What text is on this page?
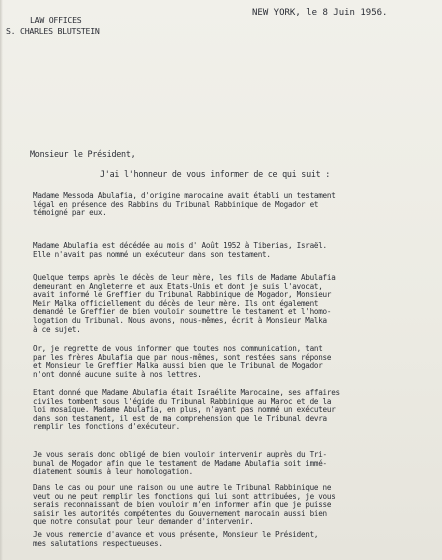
LAW OFFICES
S. CHARLES BLUTSTEIN
NEW YORK, le 8 Juin 1956.
Monsieur le Président,
J'ai l'honneur de vous informer de ce qui suit :
Madame Messoda Abulafia, d'origine marocaine avait établi un testament
légal en présence des Rabbins du Tribunal Rabbinique de Mogador et
témoigné par eux.
Madame Abulafia est décédée au mois d' Août 1952 à Tiberias, Israël.
Elle n'avait pas nommé un exécuteur dans son testament.
Quelque temps après le décès de leur mère, les fils de Madame Abulafia
demeurant en Angleterre et aux Etats-Unis et dont je suis l'avocat,
avait informé le Greffier du Tribunal Rabbinique de Mogador, Monsieur
Meir Malka officiellement du décès de leur mère. Ils ont également
demandé le Greffier de bien vouloir soumettre le testament et l'homo-
logation du Tribunal. Nous avons, nous-mêmes, écrit à Monsieur Malka
à ce sujet.
Or, je regrette de vous informer que toutes nos communication, tant
par les frères Abulafia que par nous-mêmes, sont restées sans réponse
et Monsieur le Greffier Malka aussi bien que le Tribunal de Mogador
n'ont donné aucune suite à nos lettres.
Etant donné que Madame Abulafia était Israélite Marocaine, ses affaires
civiles tombent sous l'égide du Tribunal Rabbinique au Maroc et de la
loi mosaïque. Madame Abulafia, en plus, n'ayant pas nommé un exécuteur
dans son testament, il est de ma comprehension que le Tribunal devra
remplir les fonctions d'exécuteur.
Je vous serais donc obligé de bien vouloir intervenir auprès du Tri-
bunal de Mogador afin que le testament de Madame Abulafia soit immé-
diatement soumis à leur homologation.
Dans le cas ou pour une raison ou une autre le Tribunal Rabbinique ne
veut ou ne peut remplir les fonctions qui lui sont attribuées, je vous
serais reconnaissant de bien vouloir m'en informer afin que je puisse
saisir les autorités compétentes du Gouvernement marocain aussi bien
que notre consulat pour leur demander d'intervenir.
Je vous remercie d'avance et vous présente, Monsieur le Président,
mes salutations respectueuses.
